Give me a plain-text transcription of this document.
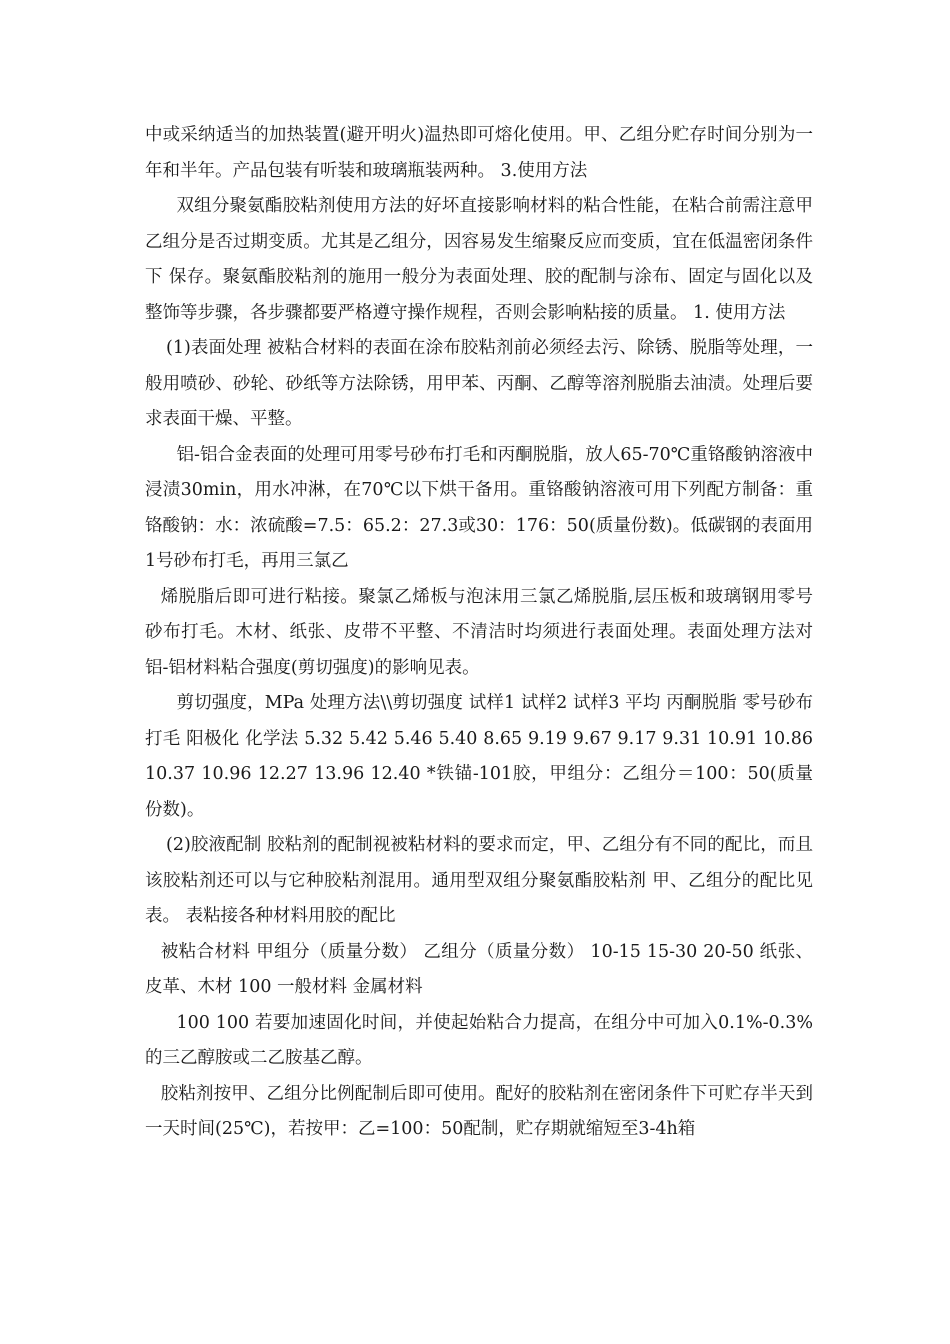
中或采纳适当的加热装置(避开明火)温热即可熔化使用。甲、乙组分贮存时间分别为一年和半年。产品包装有听装和玻璃瓶装两种。 3.使用方法

双组分聚氨酯胶粘剂使用方法的好坏直接影响材料的粘合性能，在粘合前需注意甲乙组分是否过期变质。尤其是乙组分，因容易发生缩聚反应而变质，宜在低温密闭条件下 保存。聚氨酯胶粘剂的施用一般分为表面处理、胶的配制与涂布、固定与固化以及整饰等步骤，各步骤都要严格遵守操作规程，否则会影响粘接的质量。 1. 使用方法

(1)表面处理 被粘合材料的表面在涂布胶粘剂前必须经去污、除锈、脱脂等处理，一般用喷砂、砂轮、砂纸等方法除锈，用甲苯、丙酮、乙醇等溶剂脱脂去油渍。处理后要求表面干燥、平整。

铝-铝合金表面的处理可用零号砂布打毛和丙酮脱脂，放人65-70℃重铬酸钠溶液中浸渍30min，用水冲淋，在70℃以下烘干备用。重铬酸钠溶液可用下列配方制备：重铬酸钠：水：浓硫酸=7.5：65.2：27.3或30：176：50(质量份数)。低碳钢的表面用1号砂布打毛，再用三氯乙

烯脱脂后即可进行粘接。聚氯乙烯板与泡沫用三氯乙烯脱脂,层压板和玻璃钢用零号砂布打毛。木材、纸张、皮带不平整、不清洁时均须进行表面处理。表面处理方法对铝-铝材料粘合强度(剪切强度)的影响见表。

剪切强度，MPa 处理方法\\剪切强度 试样1 试样2 试样3 平均 丙酮脱脂 零号砂布打毛 阳极化 化学法 5.32 5.42 5.46 5.40 8.65 9.19 9.67 9.17 9.31 10.91 10.86 10.37 10.96 12.27 13.96 12.40 *铁锚-101胶，甲组分：乙组分＝100：50(质量份数)。

(2)胶液配制 胶粘剂的配制视被粘材料的要求而定，甲、乙组分有不同的配比，而且该胶粘剂还可以与它种胶粘剂混用。通用型双组分聚氨酯胶粘剂 甲、乙组分的配比见表。 表粘接各种材料用胶的配比

被粘合材料 甲组分（质量分数） 乙组分（质量分数） 10-15 15-30 20-50 纸张、皮革、木材 100 一般材料 金属材料

100 100 若要加速固化时间，并使起始粘合力提高，在组分中可加入0.1%-0.3%的三乙醇胺或二乙胺基乙醇。

胶粘剂按甲、乙组分比例配制后即可使用。配好的胶粘剂在密闭条件下可贮存半天到一天时间(25℃)，若按甲：乙=100：50配制，贮存期就缩短至3-4h箱
